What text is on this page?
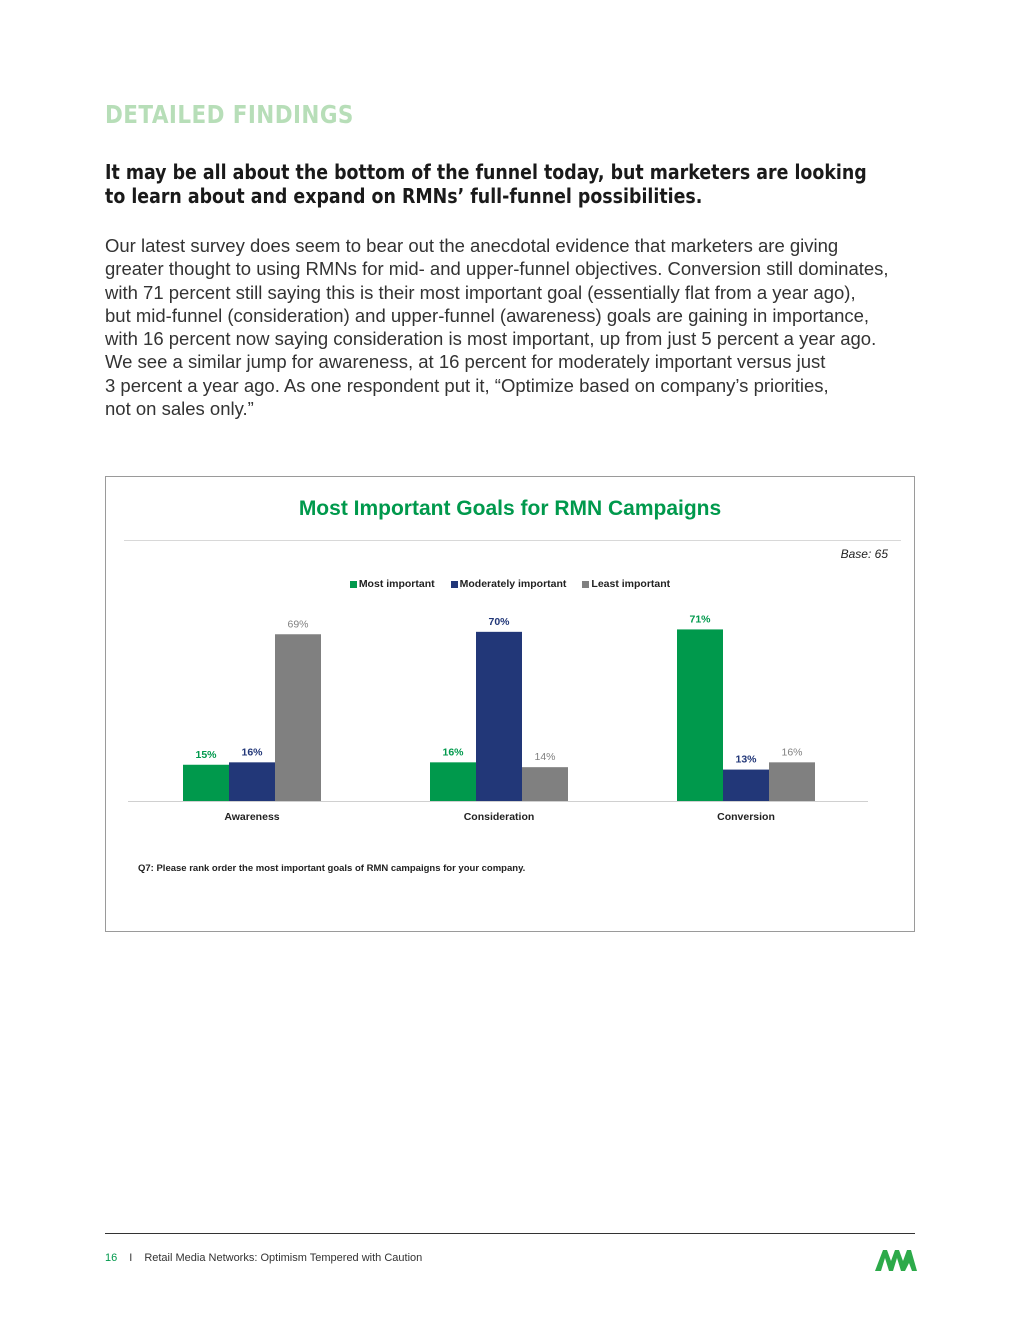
DETAILED FINDINGS
It may be all about the bottom of the funnel today, but marketers are looking
to learn about and expand on RMNs’ full-funnel possibilities.

Our latest survey does seem to bear out the anecdotal evidence that marketers are giving
greater thought to using RMNs for mid- and upper-funnel objectives. Conversion still dominates,
with 71 percent still saying this is their most important goal (essentially flat from a year ago),
but mid-funnel (consideration) and upper-funnel (awareness) goals are gaining in importance,
with 16 percent now saying consideration is most important, up from just 5 percent a year ago.
We see a similar jump for awareness, at 16 percent for moderately important versus just
3 percent a year ago. As one respondent put it, “Optimize based on company’s priorities,
not on sales only.”

Most Important Goals for RMN Campaigns
Base: 65
Most important Moderately important Least important
15% 16%
69%
Awareness
16%
70%
14%
Consideration
71%
13%
16%
Conversion
Q7: Please rank order the most important goals of RMN campaigns for your company.
16 I Retail Media Networks: Optimism Tempered with Caution
